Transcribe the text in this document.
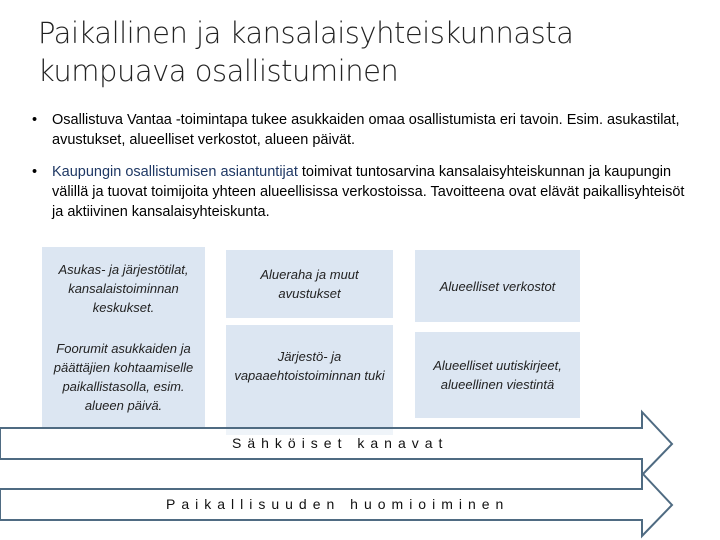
Paikallinen ja kansalaisyhteiskunnasta kumpuava osallistuminen
• Osallistuva Vantaa -toimintapa tukee asukkaiden omaa osallistumista eri tavoin. Esim. asukastilat, avustukset, alueelliset verkostot, alueen päivät.
• Kaupungin osallistumisen asiantuntijat toimivat tuntosarvina kansalaisyhteiskunnan ja kaupungin välillä ja tuovat toimijoita yhteen alueellisissa verkostoissa. Tavoitteena ovat elävät paikallisyhteisöt ja aktiivinen kansalaisyhteiskunta.
Asukas- ja järjestötilat, kansalaistoiminnan keskukset.
Foorumit asukkaiden ja päättäjien kohtaamiselle paikallistasolla, esim. alueen päivä.
Alueraha ja muut avustukset
Järjestö- ja vapaaehtoistoiminnan tuki
Alueelliset verkostot
Alueelliset uutiskirjeet, alueellinen viestintä
Sähköiset kanavat
Paikallisuuden huomioiminen
